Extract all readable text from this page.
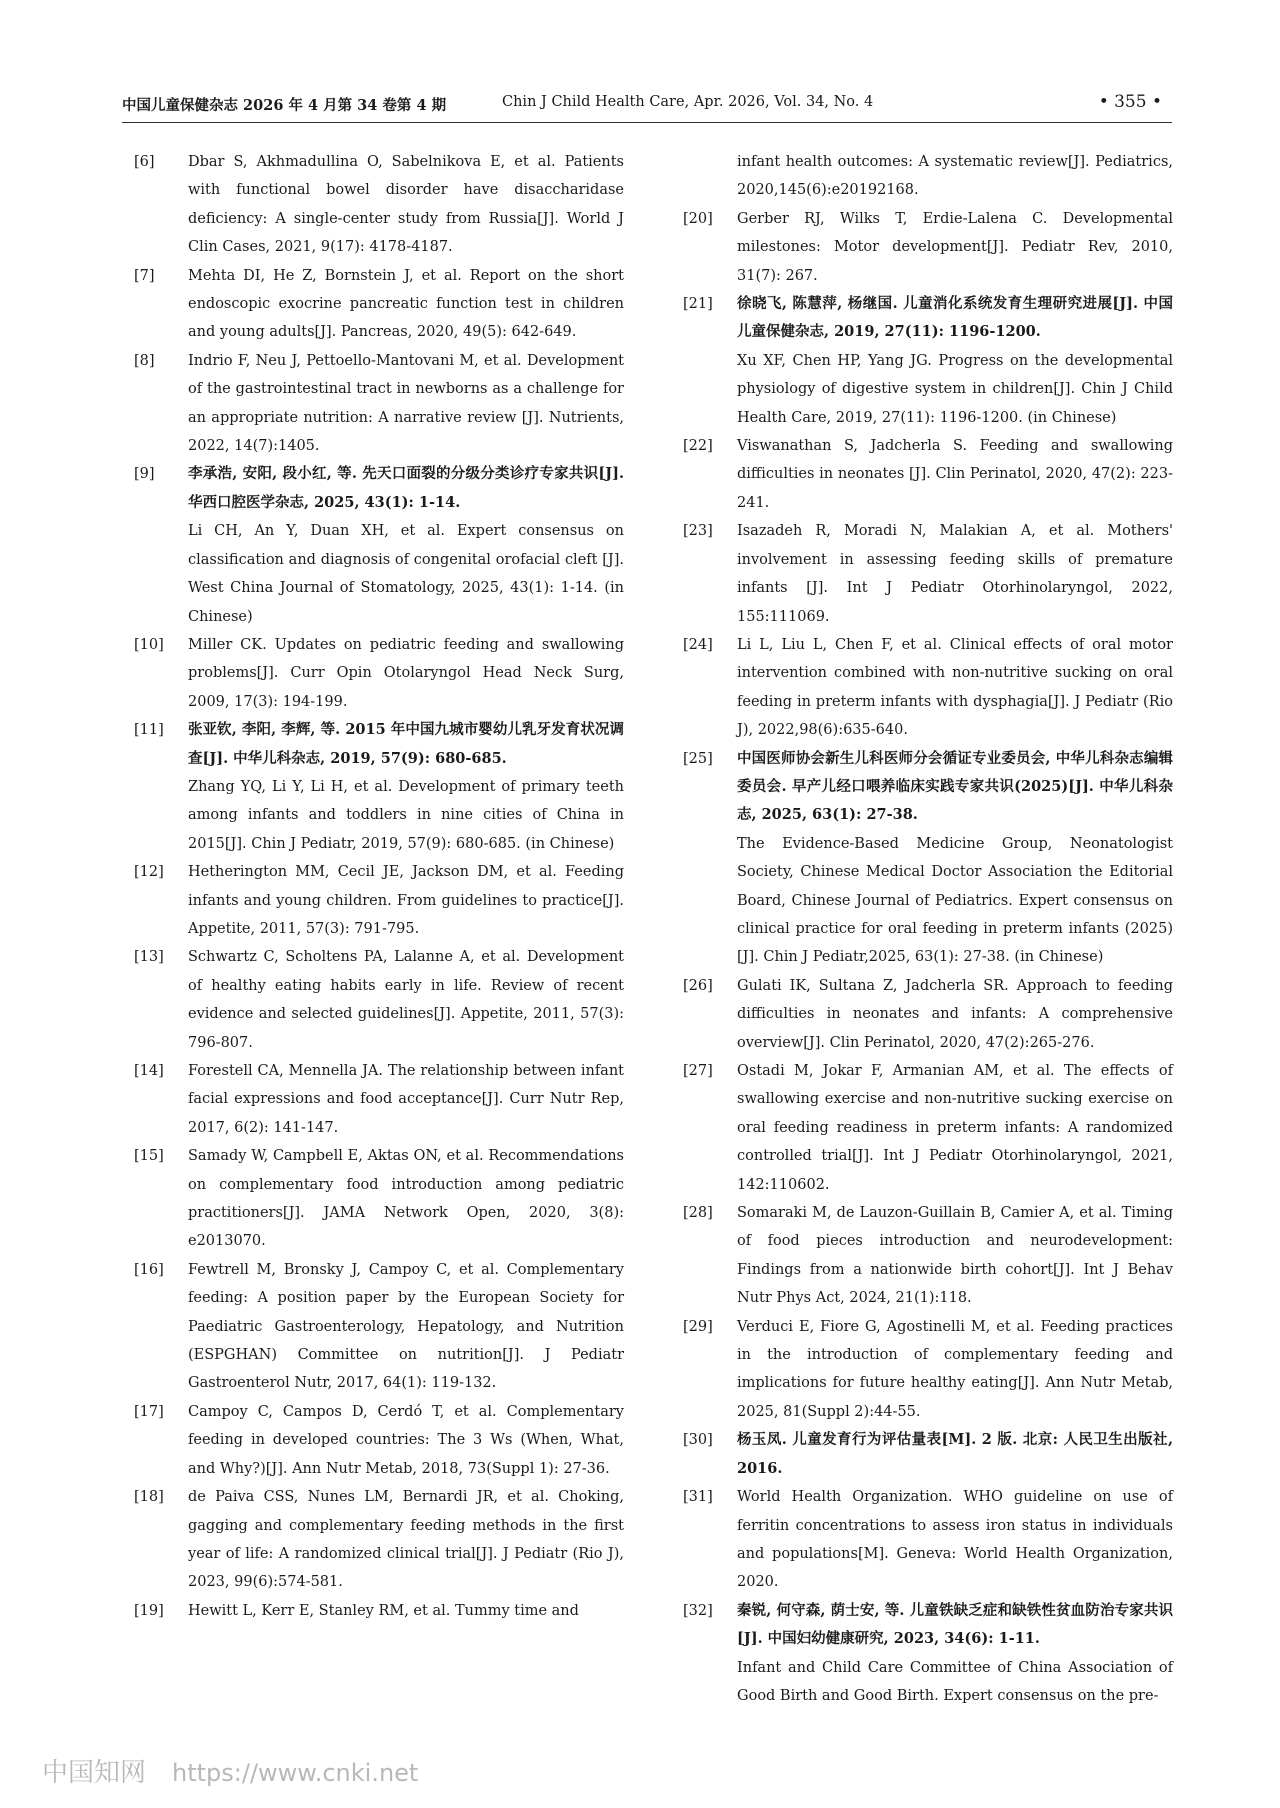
中国儿童保健杂志 2026 年 4 月第 34 卷第 4 期	Chin J Child Health Care, Apr. 2026, Vol. 34, No. 4	• 355 •
[6]	Dbar S, Akhmadullina O, Sabelnikova E, et al. Patients with functional bowel disorder have disaccharidase deficiency: A single-center study from Russia[J]. World J Clin Cases, 2021, 9(17): 4178-4187.
[7]	Mehta DI, He Z, Bornstein J, et al. Report on the short endoscopic exocrine pancreatic function test in children and young adults[J]. Pancreas, 2020, 49(5): 642-649.
[8]	Indrio F, Neu J, Pettoello-Mantovani M, et al. Development of the gastrointestinal tract in newborns as a challenge for an appropriate nutrition: A narrative review [J]. Nutrients, 2022, 14(7):1405.
[9]	李承浩, 安阳, 段小红, 等. 先天口面裂的分级分类诊疗专家共识[J]. 华西口腔医学杂志, 2025, 43(1): 1-14.
Li CH, An Y, Duan XH, et al. Expert consensus on classification and diagnosis of congenital orofacial cleft [J]. West China Journal of Stomatology, 2025, 43(1): 1-14. (in Chinese)
[10]	Miller CK. Updates on pediatric feeding and swallowing problems[J]. Curr Opin Otolaryngol Head Neck Surg, 2009, 17(3): 194-199.
[11]	张亚钦, 李阳, 李辉, 等. 2015 年中国九城市婴幼儿乳牙发育状况调查[J]. 中华儿科杂志, 2019, 57(9): 680-685.
Zhang YQ, Li Y, Li H, et al. Development of primary teeth among infants and toddlers in nine cities of China in 2015[J]. Chin J Pediatr, 2019, 57(9): 680-685. (in Chinese)
[12]	Hetherington MM, Cecil JE, Jackson DM, et al. Feeding infants and young children. From guidelines to practice[J]. Appetite, 2011, 57(3): 791-795.
[13]	Schwartz C, Scholtens PA, Lalanne A, et al. Development of healthy eating habits early in life. Review of recent evidence and selected guidelines[J]. Appetite, 2011, 57(3): 796-807.
[14]	Forestell CA, Mennella JA. The relationship between infant facial expressions and food acceptance[J]. Curr Nutr Rep, 2017, 6(2): 141-147.
[15]	Samady W, Campbell E, Aktas ON, et al. Recommendations on complementary food introduction among pediatric practitioners[J]. JAMA Network Open, 2020, 3(8): e2013070.
[16]	Fewtrell M, Bronsky J, Campoy C, et al. Complementary feeding: A position paper by the European Society for Paediatric Gastroenterology, Hepatology, and Nutrition (ESPGHAN) Committee on nutrition[J]. J Pediatr Gastroenterol Nutr, 2017, 64(1): 119-132.
[17]	Campoy C, Campos D, Cerdó T, et al. Complementary feeding in developed countries: The 3 Ws (When, What, and Why?)[J]. Ann Nutr Metab, 2018, 73(Suppl 1): 27-36.
[18]	de Paiva CSS, Nunes LM, Bernardi JR, et al. Choking, gagging and complementary feeding methods in the first year of life: A randomized clinical trial[J]. J Pediatr (Rio J), 2023, 99(6):574-581.
[19]	Hewitt L, Kerr E, Stanley RM, et al. Tummy time and
infant health outcomes: A systematic review[J]. Pediatrics, 2020,145(6):e20192168.
[20]	Gerber RJ, Wilks T, Erdie-Lalena C. Developmental milestones: Motor development[J]. Pediatr Rev, 2010, 31(7): 267.
[21]	徐晓飞, 陈慧萍, 杨继国. 儿童消化系统发育生理研究进展[J]. 中国儿童保健杂志, 2019, 27(11): 1196-1200.
Xu XF, Chen HP, Yang JG. Progress on the developmental physiology of digestive system in children[J]. Chin J Child Health Care, 2019, 27(11): 1196-1200. (in Chinese)
[22]	Viswanathan S, Jadcherla S. Feeding and swallowing difficulties in neonates [J]. Clin Perinatol, 2020, 47(2): 223-241.
[23]	Isazadeh R, Moradi N, Malakian A, et al. Mothers' involvement in assessing feeding skills of premature infants [J]. Int J Pediatr Otorhinolaryngol, 2022, 155:111069.
[24]	Li L, Liu L, Chen F, et al. Clinical effects of oral motor intervention combined with non-nutritive sucking on oral feeding in preterm infants with dysphagia[J]. J Pediatr (Rio J), 2022,98(6):635-640.
[25]	中国医师协会新生儿科医师分会循证专业委员会, 中华儿科杂志编辑委员会. 早产儿经口喂养临床实践专家共识(2025)[J]. 中华儿科杂志, 2025, 63(1): 27-38.
The Evidence-Based Medicine Group, Neonatologist Society, Chinese Medical Doctor Association the Editorial Board, Chinese Journal of Pediatrics. Expert consensus on clinical practice for oral feeding in preterm infants (2025) [J]. Chin J Pediatr,2025, 63(1): 27-38. (in Chinese)
[26]	Gulati IK, Sultana Z, Jadcherla SR. Approach to feeding difficulties in neonates and infants: A comprehensive overview[J]. Clin Perinatol, 2020, 47(2):265-276.
[27]	Ostadi M, Jokar F, Armanian AM, et al. The effects of swallowing exercise and non-nutritive sucking exercise on oral feeding readiness in preterm infants: A randomized controlled trial[J]. Int J Pediatr Otorhinolaryngol, 2021, 142:110602.
[28]	Somaraki M, de Lauzon-Guillain B, Camier A, et al. Timing of food pieces introduction and neurodevelopment: Findings from a nationwide birth cohort[J]. Int J Behav Nutr Phys Act, 2024, 21(1):118.
[29]	Verduci E, Fiore G, Agostinelli M, et al. Feeding practices in the introduction of complementary feeding and implications for future healthy eating[J]. Ann Nutr Metab, 2025, 81(Suppl 2):44-55.
[30]	杨玉凤. 儿童发育行为评估量表[M]. 2 版. 北京: 人民卫生出版社, 2016.
[31]	World Health Organization. WHO guideline on use of ferritin concentrations to assess iron status in individuals and populations[M]. Geneva: World Health Organization, 2020.
[32]	秦锐, 何守森, 荫士安, 等. 儿童铁缺乏症和缺铁性贫血防治专家共识[J]. 中国妇幼健康研究, 2023, 34(6): 1-11.
Infant and Child Care Committee of China Association of Good Birth and Good Birth. Expert consensus on the pre-
中国知网 https://www.cnki.net
